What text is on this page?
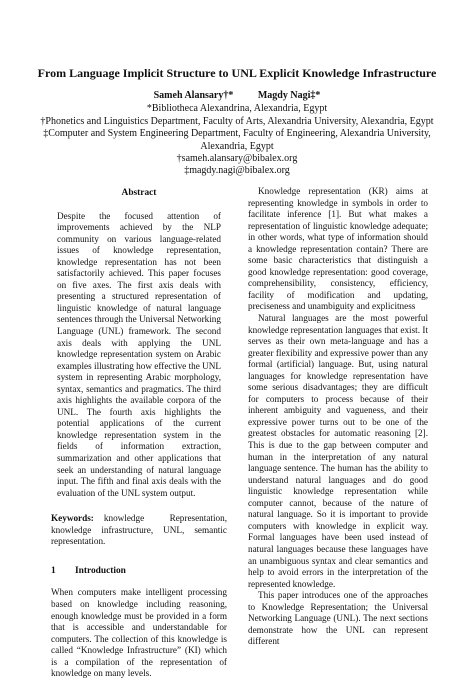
From Language Implicit Structure to UNL Explicit Knowledge Infrastructure
Sameh Alansary†* Magdy Nagi‡*
*Bibliotheca Alexandrina, Alexandria, Egypt
†Phonetics and Linguistics Department, Faculty of Arts, Alexandria University, Alexandria, Egypt
‡Computer and System Engineering Department, Faculty of Engineering, Alexandria University, Alexandria, Egypt
†sameh.alansary@bibalex.org
‡magdy.nagi@bibalex.org
Abstract

Despite the focused attention of improvements achieved by the NLP community on various language-related issues of knowledge representation, knowledge representation has not been satisfactorily achieved. This paper focuses on five axes. The first axis deals with presenting a structured representation of linguistic knowledge of natural language sentences through the Universal Networking Language (UNL) framework. The second axis deals with applying the UNL knowledge representation system on Arabic examples illustrating how effective the UNL system in representing Arabic morphology, syntax, semantics and pragmatics. The third axis highlights the available corpora of the UNL. The fourth axis highlights the potential applications of the current knowledge representation system in the fields of information extraction, summarization and other applications that seek an understanding of natural language input. The fifth and final axis deals with the evaluation of the UNL system output.

Keywords: knowledge Representation, knowledge infrastructure, UNL, semantic representation.

1 Introduction

When computers make intelligent processing based on knowledge including reasoning, enough knowledge must be provided in a form that is accessible and understandable for computers. The collection of this knowledge is called “Knowledge Infrastructure” (KI) which is a compilation of the representation of knowledge on many levels.

Knowledge representation (KR) aims at representing knowledge in symbols in order to facilitate inference [1]. But what makes a representation of linguistic knowledge adequate; in other words, what type of information should a knowledge representation contain? There are some basic characteristics that distinguish a good knowledge representation: good coverage, comprehensibility, consistency, efficiency, facility of modification and updating, preciseness and unambiguity and explicitness

Natural languages are the most powerful knowledge representation languages that exist. It serves as their own meta-language and has a greater flexibility and expressive power than any formal (artificial) language. But, using natural languages for knowledge representation have some serious disadvantages; they are difficult for computers to process because of their inherent ambiguity and vagueness, and their expressive power turns out to be one of the greatest obstacles for automatic reasoning [2]. This is due to the gap between computer and human in the interpretation of any natural language sentence. The human has the ability to understand natural languages and do good linguistic knowledge representation while computer cannot, because of the nature of natural language. So it is important to provide computers with knowledge in explicit way. Formal languages have been used instead of natural languages because these languages have an unambiguous syntax and clear semantics and help to avoid errors in the interpretation of the represented knowledge.

This paper introduces one of the approaches to Knowledge Representation; the Universal Networking Language (UNL). The next sections demonstrate how the UNL can represent different
